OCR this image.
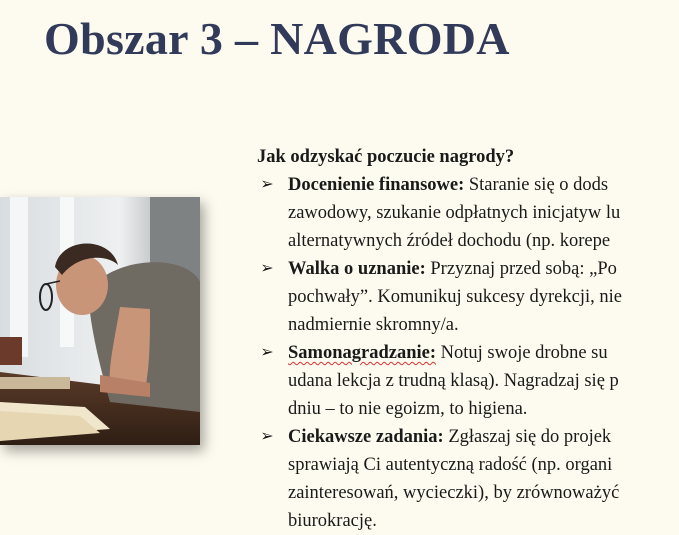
Obszar 3 – NAGRODA

Jak odzyskać poczucie nagrody?

➢ Docenienie finansowe: Staranie się o dods
zawodowy, szukanie odpłatnych inicjatyw lu
alternatywnych źródeł dochodu (np. korepe
➢ Walka o uznanie: Przyznaj przed sobą: „Po
pochwały”. Komunikuj sukcesy dyrekcji, nie
nadmiernie skromny/a.
➢ Samonagradzanie: Notuj swoje drobne su
udana lekcja z trudną klasą). Nagradzaj się p
dniu – to nie egoizm, to higiena.
➢ Ciekawsze zadania: Zgłaszaj się do projek
sprawiają Ci autentyczną radość (np. organi
zainteresowań, wycieczki), by zrównoważyć
biurokrację.
